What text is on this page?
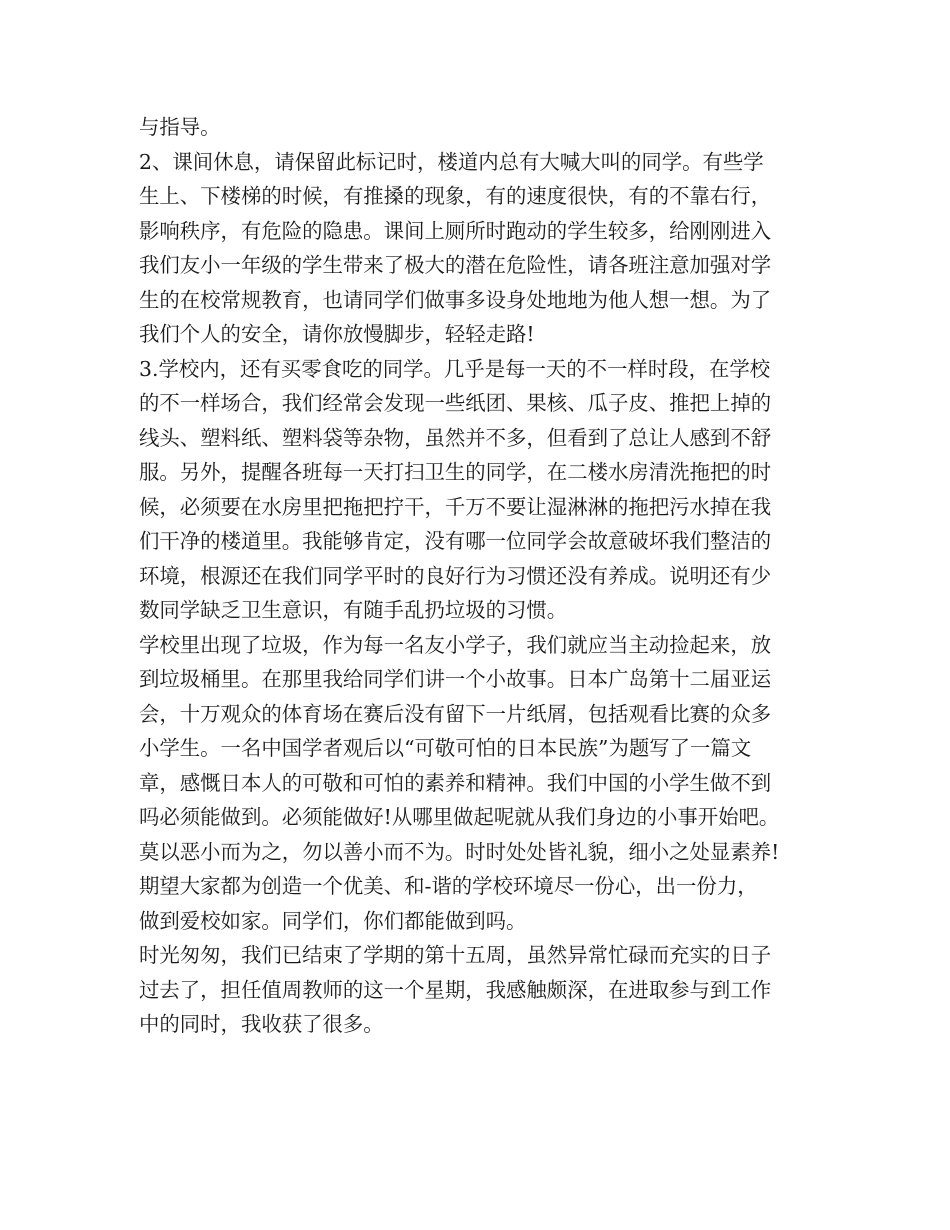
与指导。
2、课间休息，请保留此标记时，楼道内总有大喊大叫的同学。有些学
生上、下楼梯的时候，有推搡的现象，有的速度很快，有的不靠右行，
影响秩序，有危险的隐患。课间上厕所时跑动的学生较多，给刚刚进入
我们友小一年级的学生带来了极大的潜在危险性，请各班注意加强对学
生的在校常规教育，也请同学们做事多设身处地地为他人想一想。为了
我们个人的安全，请你放慢脚步，轻轻走路!
3.学校内，还有买零食吃的同学。几乎是每一天的不一样时段，在学校
的不一样场合，我们经常会发现一些纸团、果核、瓜子皮、推把上掉的
线头、塑料纸、塑料袋等杂物，虽然并不多，但看到了总让人感到不舒
服。另外，提醒各班每一天打扫卫生的同学，在二楼水房清洗拖把的时
候，必须要在水房里把拖把拧干，千万不要让湿淋淋的拖把污水掉在我
们干净的楼道里。我能够肯定，没有哪一位同学会故意破坏我们整洁的
环境，根源还在我们同学平时的良好行为习惯还没有养成。说明还有少
数同学缺乏卫生意识，有随手乱扔垃圾的习惯。
学校里出现了垃圾，作为每一名友小学子，我们就应当主动捡起来，放
到垃圾桶里。在那里我给同学们讲一个小故事。日本广岛第十二届亚运
会，十万观众的体育场在赛后没有留下一片纸屑，包括观看比赛的众多
小学生。一名中国学者观后以“可敬可怕的日本民族”为题写了一篇文
章，感慨日本人的可敬和可怕的素养和精神。我们中国的小学生做不到
吗必须能做到。必须能做好!从哪里做起呢就从我们身边的小事开始吧。
莫以恶小而为之，勿以善小而不为。时时处处皆礼貌，细小之处显素养!
期望大家都为创造一个优美、和-谐的学校环境尽一份心，出一份力，
做到爱校如家。同学们，你们都能做到吗。
时光匆匆，我们已结束了学期的第十五周，虽然异常忙碌而充实的日子
过去了，担任值周教师的这一个星期，我感触颇深，在进取参与到工作
中的同时，我收获了很多。
